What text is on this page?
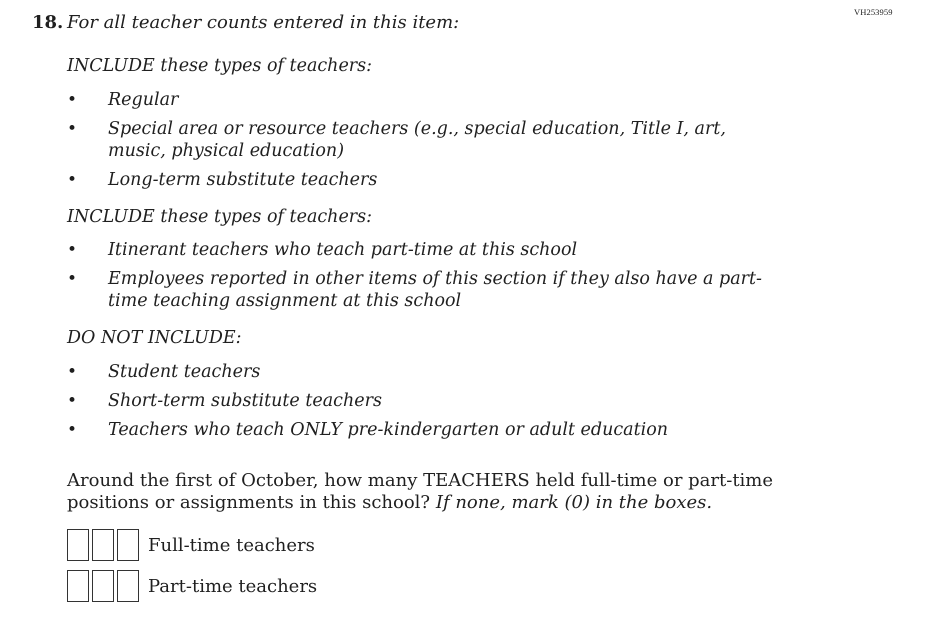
VH253959
18. For all teacher counts entered in this item:
INCLUDE these types of teachers:
• Regular
• Special area or resource teachers (e.g., special education, Title I, art, music, physical education)
• Long-term substitute teachers
INCLUDE these types of teachers:
• Itinerant teachers who teach part-time at this school
• Employees reported in other items of this section if they also have a part-time teaching assignment at this school
DO NOT INCLUDE:
• Student teachers
• Short-term substitute teachers
• Teachers who teach ONLY pre-kindergarten or adult education
Around the first of October, how many TEACHERS held full-time or part-time positions or assignments in this school? If none, mark (0) in the boxes.
Full-time teachers
Part-time teachers
